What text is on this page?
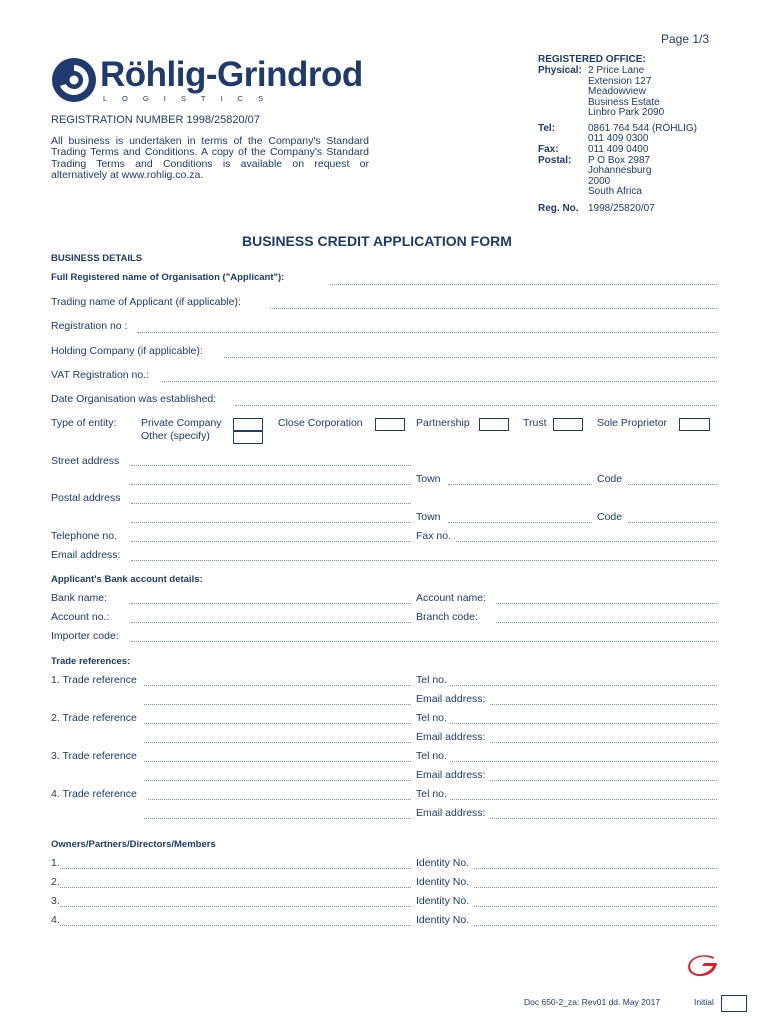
Page 1/3
Röhlig-Grindrod
L O G I S T I C S
REGISTRATION NUMBER 1998/25820/07
All business is undertaken in terms of the Company's Standard Trading Terms and Conditions. A copy of the Company's Standard Trading Terms and Conditions is available on request or alternatively at www.rohlig.co.za.
REGISTERED OFFICE:
Physical: 2 Price Lane
Extension 127
Meadowview
Business Estate
Linbro Park 2090
Tel:	0861 764 544 (RÖHLIG)
011 409 0300
Fax:	011 409 0400
Postal: P O Box 2987
Johannesburg
2000
South Africa
Reg. No. 1998/25820/07
BUSINESS CREDIT APPLICATION FORM
BUSINESS DETAILS
Full Registered name of Organisation ("Applicant"):
Trading name of Applicant (if applicable):
Registration no :
Holding Company (if applicable):
VAT Registration no.:
Date Organisation was established:
Type of entity: Private Company
Other (specify)
Close Corporation	Partnership	Trust	Sole Proprietor
Street address
Town	Code
Postal address
Town	Code
Telephone no.	Fax no.
Email address:
Applicant's Bank account details:
Bank name:	Account name:
Account no.:	Branch code:
Importer code:
Trade references:
1. Trade reference	Tel no.
Email address:
2. Trade reference	Tel no.
Email address:
3. Trade reference	Tel no.
Email address:
4. Trade reference	Tel no.
Email address:
Owners/Partners/Directors/Members
1.	Identity No.
2.	Identity No.
3.	Identity No.
4.	Identity No.
Doc 650-2_za: Rev01 dd. May 2017	Initial
